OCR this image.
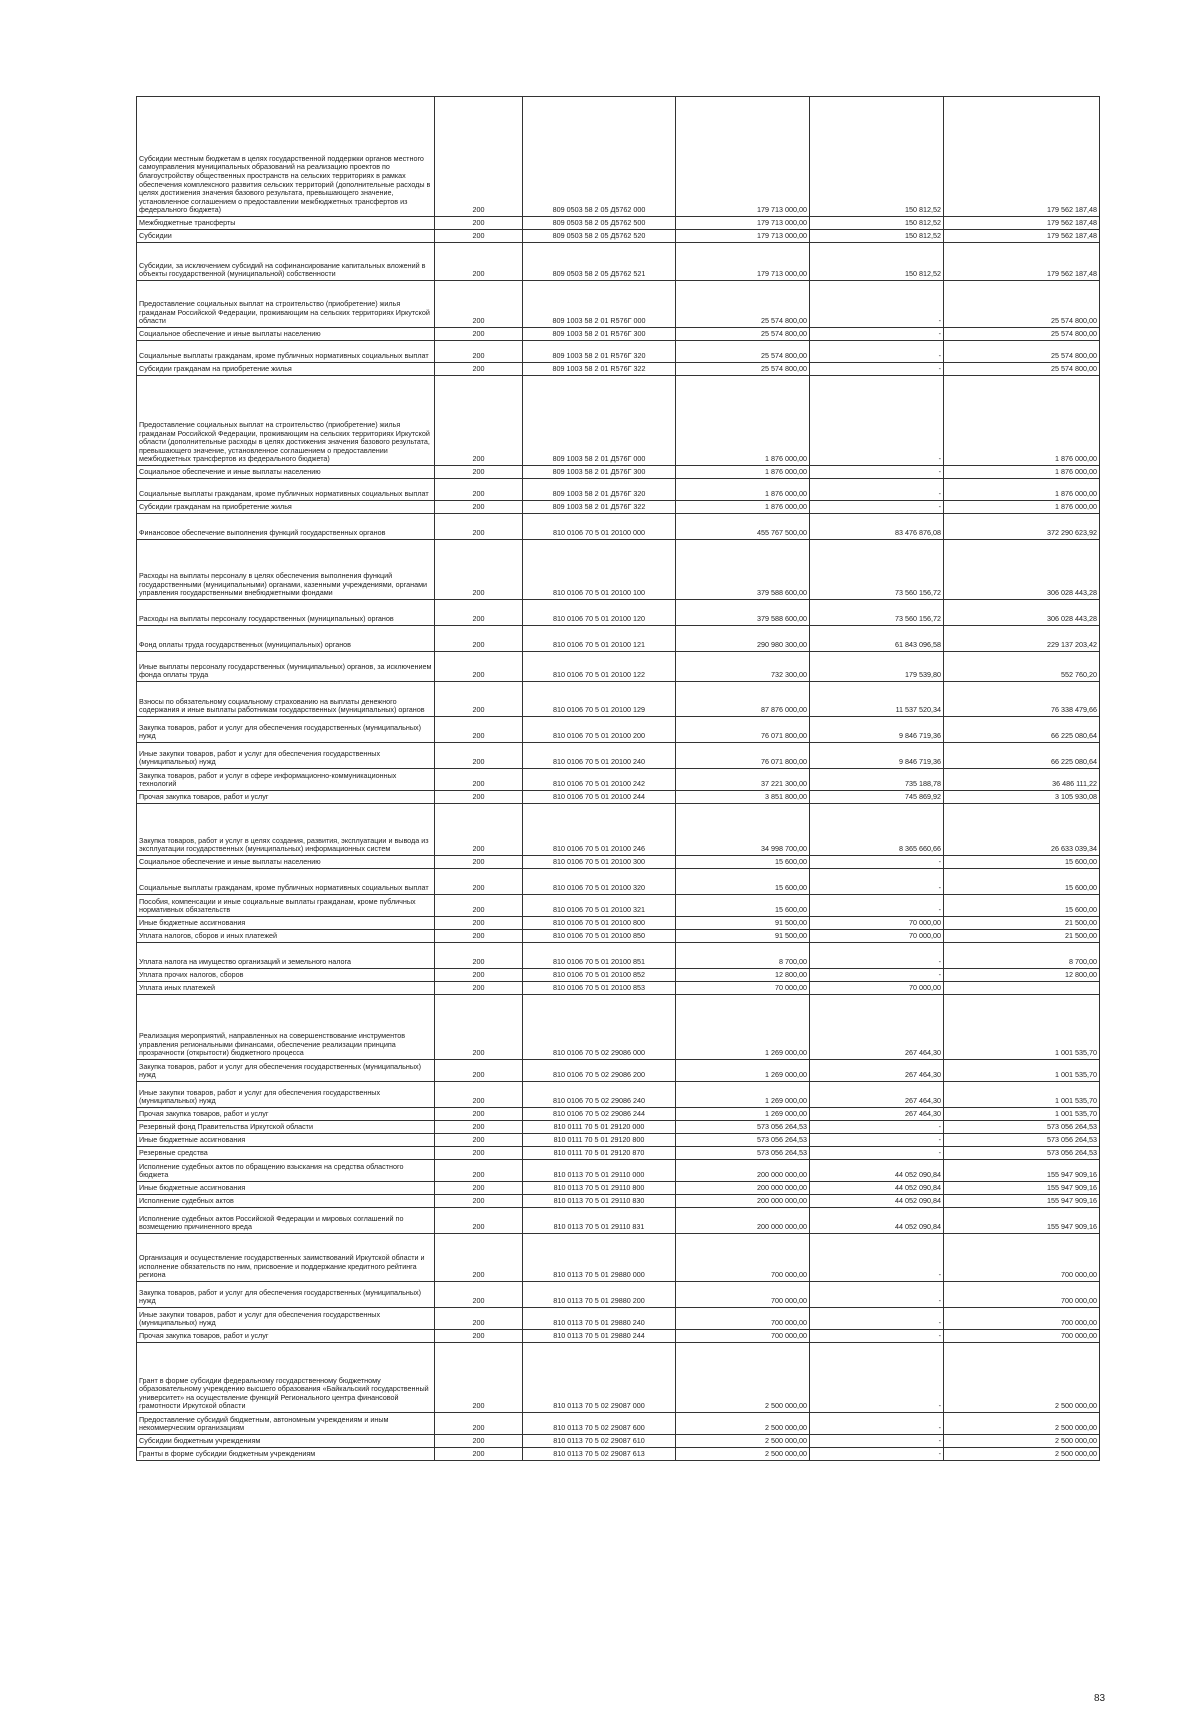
Субсидии местным бюджетам в целях государственной поддержки органов местного самоуправления муниципальных образований на реализацию проектов по благоустройству общественных пространств на сельских территориях в рамках обеспечения комплексного развития сельских территорий (дополнительные расходы в целях достижения значения базового результата, превышающего значение, установленное соглашением о предоставлении межбюджетных трансфертов из федерального бюджета)	200	809 0503 58 2 05 Д5762 000	179 713 000,00	150 812,52	179 562 187,48
Межбюджетные трансферты	200	809 0503 58 2 05 Д5762 500	179 713 000,00	150 812,52	179 562 187,48
Субсидии	200	809 0503 58 2 05 Д5762 520	179 713 000,00	150 812,52	179 562 187,48
Субсидии, за исключением субсидий на софинансирование капитальных вложений в объекты государственной (муниципальной) собственности	200	809 0503 58 2 05 Д5762 521	179 713 000,00	150 812,52	179 562 187,48
Предоставление социальных выплат на строительство (приобретение) жилья гражданам Российской Федерации, проживающим на сельских территориях Иркутской области	200	809 1003 58 2 01 R576Г 000	25 574 800,00	-	25 574 800,00
Социальное обеспечение и иные выплаты населению	200	809 1003 58 2 01 R576Г 300	25 574 800,00	-	25 574 800,00
Социальные выплаты гражданам, кроме публичных нормативных социальных выплат	200	809 1003 58 2 01 R576Г 320	25 574 800,00	-	25 574 800,00
Субсидии гражданам на приобретение жилья	200	809 1003 58 2 01 R576Г 322	25 574 800,00	-	25 574 800,00
Предоставление социальных выплат на строительство (приобретение) жилья гражданам Российской Федерации, проживающим на сельских территориях Иркутской области (дополнительные расходы в целях достижения значения базового результата, превышающего значение, установленное соглашением о предоставлении межбюджетных трансфертов из федерального бюджета)	200	809 1003 58 2 01 Д576Г 000	1 876 000,00	-	1 876 000,00
Социальное обеспечение и иные выплаты населению	200	809 1003 58 2 01 Д576Г 300	1 876 000,00	-	1 876 000,00
Социальные выплаты гражданам, кроме публичных нормативных социальных выплат	200	809 1003 58 2 01 Д576Г 320	1 876 000,00	-	1 876 000,00
Субсидии гражданам на приобретение жилья	200	809 1003 58 2 01 Д576Г 322	1 876 000,00	-	1 876 000,00
Финансовое обеспечение выполнения функций государственных органов	200	810 0106 70 5 01 20100 000	455 767 500,00	83 476 876,08	372 290 623,92
Расходы на выплаты персоналу в целях обеспечения выполнения функций государственными (муниципальными) органами, казенными учреждениями, органами управления государственными внебюджетными фондами	200	810 0106 70 5 01 20100 100	379 588 600,00	73 560 156,72	306 028 443,28
Расходы на выплаты персоналу государственных (муниципальных) органов	200	810 0106 70 5 01 20100 120	379 588 600,00	73 560 156,72	306 028 443,28
Фонд оплаты труда государственных (муниципальных) органов	200	810 0106 70 5 01 20100 121	290 980 300,00	61 843 096,58	229 137 203,42
Иные выплаты персоналу государственных (муниципальных) органов, за исключением фонда оплаты труда	200	810 0106 70 5 01 20100 122	732 300,00	179 539,80	552 760,20
Взносы по обязательному социальному страхованию на выплаты денежного содержания и иные выплаты работникам государственных (муниципальных) органов	200	810 0106 70 5 01 20100 129	87 876 000,00	11 537 520,34	76 338 479,66
Закупка товаров, работ и услуг для обеспечения государственных (муниципальных) нужд	200	810 0106 70 5 01 20100 200	76 071 800,00	9 846 719,36	66 225 080,64
Иные закупки товаров, работ и услуг для обеспечения государственных (муниципальных) нужд	200	810 0106 70 5 01 20100 240	76 071 800,00	9 846 719,36	66 225 080,64
Закупка товаров, работ и услуг в сфере информационно-коммуникационных технологий	200	810 0106 70 5 01 20100 242	37 221 300,00	735 188,78	36 486 111,22
Прочая закупка товаров, работ и услуг	200	810 0106 70 5 01 20100 244	3 851 800,00	745 869,92	3 105 930,08
Закупка товаров, работ и услуг в целях создания, развития, эксплуатации и вывода из эксплуатации государственных (муниципальных) информационных систем	200	810 0106 70 5 01 20100 246	34 998 700,00	8 365 660,66	26 633 039,34
Социальное обеспечение и иные выплаты населению	200	810 0106 70 5 01 20100 300	15 600,00	-	15 600,00
Социальные выплаты гражданам, кроме публичных нормативных социальных выплат	200	810 0106 70 5 01 20100 320	15 600,00	-	15 600,00
Пособия, компенсации и иные социальные выплаты гражданам, кроме публичных нормативных обязательств	200	810 0106 70 5 01 20100 321	15 600,00	-	15 600,00
Иные бюджетные ассигнования	200	810 0106 70 5 01 20100 800	91 500,00	70 000,00	21 500,00
Уплата налогов, сборов и иных платежей	200	810 0106 70 5 01 20100 850	91 500,00	70 000,00	21 500,00
Уплата налога на имущество организаций и земельного налога	200	810 0106 70 5 01 20100 851	8 700,00	-	8 700,00
Уплата прочих налогов, сборов	200	810 0106 70 5 01 20100 852	12 800,00	-	12 800,00
Уплата иных платежей	200	810 0106 70 5 01 20100 853	70 000,00	70 000,00	
Реализация мероприятий, направленных на совершенствование инструментов управления региональными финансами, обеспечение реализации принципа прозрачности (открытости) бюджетного процесса	200	810 0106 70 5 02 29086 000	1 269 000,00	267 464,30	1 001 535,70
Закупка товаров, работ и услуг для обеспечения государственных (муниципальных) нужд	200	810 0106 70 5 02 29086 200	1 269 000,00	267 464,30	1 001 535,70
Иные закупки товаров, работ и услуг для обеспечения государственных (муниципальных) нужд	200	810 0106 70 5 02 29086 240	1 269 000,00	267 464,30	1 001 535,70
Прочая закупка товаров, работ и услуг	200	810 0106 70 5 02 29086 244	1 269 000,00	267 464,30	1 001 535,70
Резервный фонд Правительства Иркутской области	200	810 0111 70 5 01 29120 000	573 056 264,53	-	573 056 264,53
Иные бюджетные ассигнования	200	810 0111 70 5 01 29120 800	573 056 264,53	-	573 056 264,53
Резервные средства	200	810 0111 70 5 01 29120 870	573 056 264,53	-	573 056 264,53
Исполнение судебных актов по обращению взыскания на средства областного бюджета	200	810 0113 70 5 01 29110 000	200 000 000,00	44 052 090,84	155 947 909,16
Иные бюджетные ассигнования	200	810 0113 70 5 01 29110 800	200 000 000,00	44 052 090,84	155 947 909,16
Исполнение судебных актов	200	810 0113 70 5 01 29110 830	200 000 000,00	44 052 090,84	155 947 909,16
Исполнение судебных актов Российской Федерации и мировых соглашений по возмещению причиненного вреда	200	810 0113 70 5 01 29110 831	200 000 000,00	44 052 090,84	155 947 909,16
Организация и осуществление государственных заимствований Иркутской области и исполнение обязательств по ним, присвоение и поддержание кредитного рейтинга региона	200	810 0113 70 5 01 29880 000	700 000,00	-	700 000,00
Закупка товаров, работ и услуг для обеспечения государственных (муниципальных) нужд	200	810 0113 70 5 01 29880 200	700 000,00	-	700 000,00
Иные закупки товаров, работ и услуг для обеспечения государственных (муниципальных) нужд	200	810 0113 70 5 01 29880 240	700 000,00	-	700 000,00
Прочая закупка товаров, работ и услуг	200	810 0113 70 5 01 29880 244	700 000,00	-	700 000,00
Грант в форме субсидии федеральному государственному бюджетному образовательному учреждению высшего образования «Байкальский государственный университет» на осуществление функций Регионального центра финансовой грамотности Иркутской области	200	810 0113 70 5 02 29087 000	2 500 000,00	-	2 500 000,00
Предоставление субсидий бюджетным, автономным учреждениям и иным некоммерческим организациям	200	810 0113 70 5 02 29087 600	2 500 000,00	-	2 500 000,00
Субсидии бюджетным учреждениям	200	810 0113 70 5 02 29087 610	2 500 000,00	-	2 500 000,00
Гранты в форме субсидии бюджетным учреждениям	200	810 0113 70 5 02 29087 613	2 500 000,00	-	2 500 000,00
83
